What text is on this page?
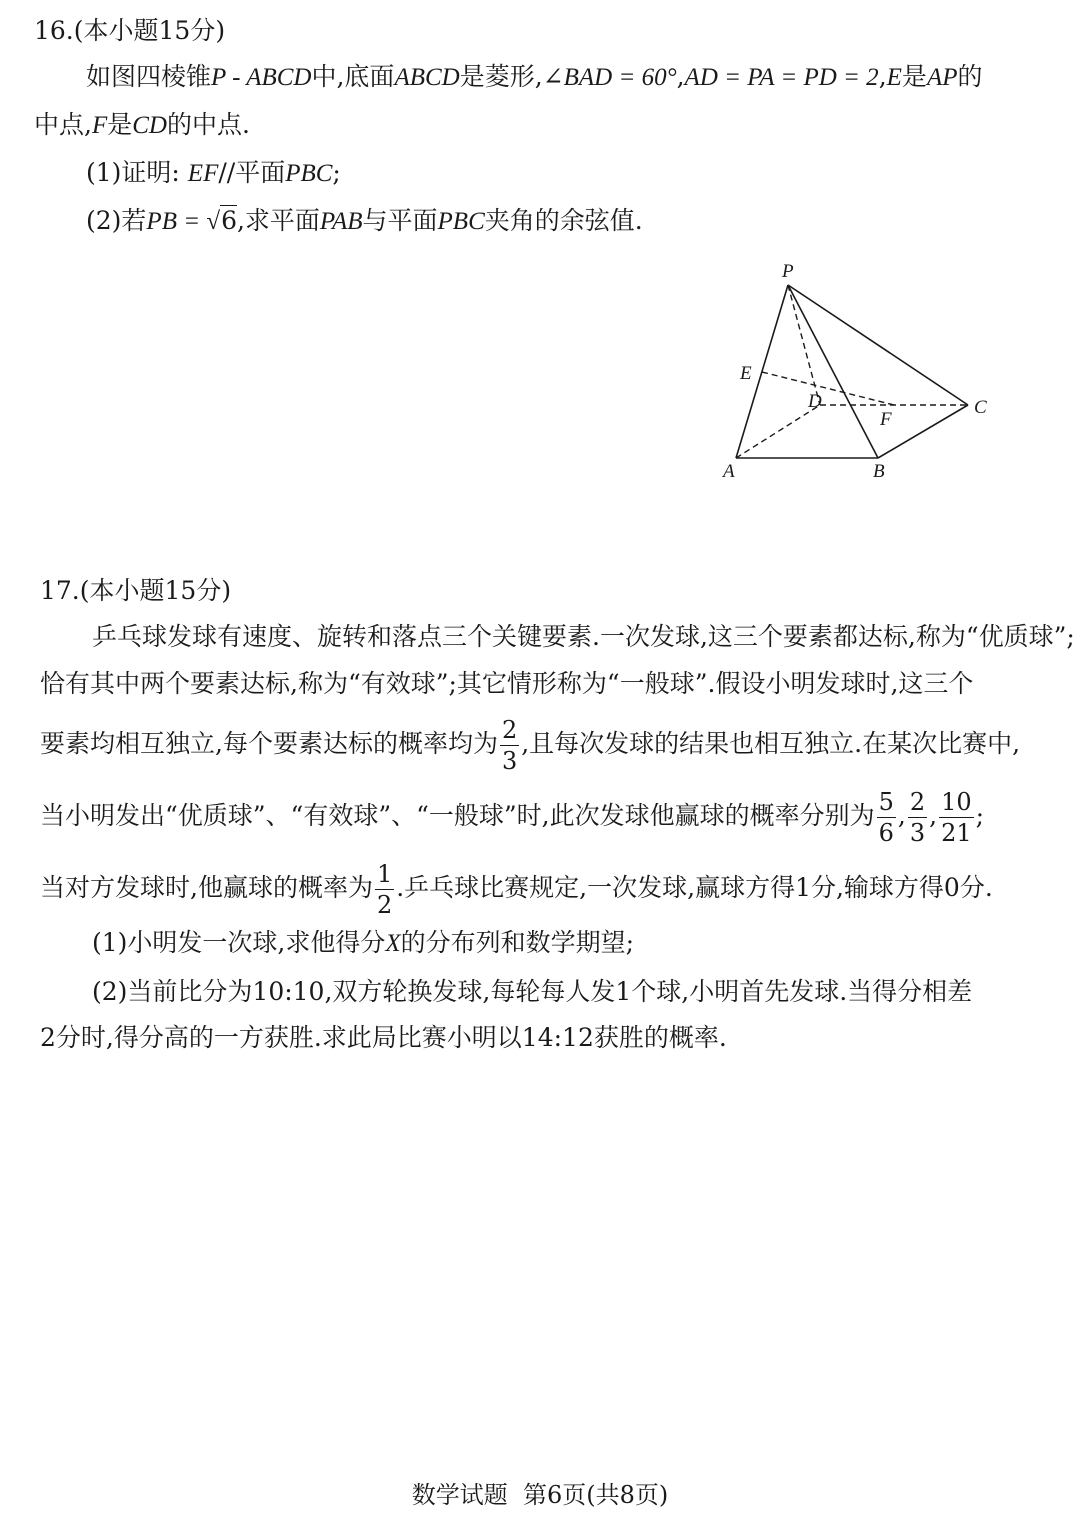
16.(本小题15分)
如图四棱锥P - ABCD中,底面ABCD是菱形,∠BAD = 60°,AD = PA = PD = 2,E是AP的
中点,F是CD的中点.
(1)证明: EF//平面PBC;
(2)若PB = √6,求平面PAB与平面PBC夹角的余弦值.
P
E
D
F
C
A	B
17.(本小题15分)
乒乓球发球有速度、旋转和落点三个关键要素.一次发球,这三个要素都达标,称为“优质球”;
恰有其中两个要素达标,称为“有效球”;其它情形称为“一般球”.假设小明发球时,这三个
要素均相互独立,每个要素达标的概率均为 $\frac{2}{3}$ ,且每次发球的结果也相互独立.在某次比赛中,
当小明发出“优质球”、“有效球”、“一般球”时,此次发球他赢球的概率分别为 $\frac{5}{6}$ , $\frac{2}{3}$ , $\frac{10}{21}$ ;
当对方发球时,他赢球的概率为 $\frac{1}{2}$ .乒乓球比赛规定,一次发球,赢球方得1分,输球方得0分.
(1)小明发一次球,求他得分X的分布列和数学期望;
(2)当前比分为10:10,双方轮换发球,每轮每人发1个球,小明首先发球.当得分相差
2分时,得分高的一方获胜.求此局比赛小明以14:12获胜的概率.
数学试题  第6页(共8页)
